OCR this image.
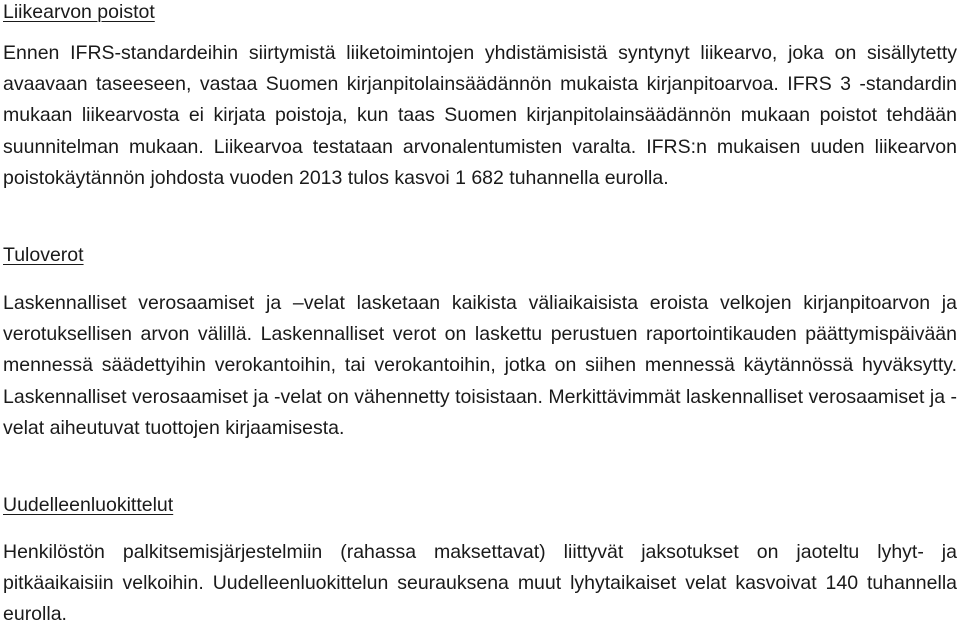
Liikearvon poistot
Ennen IFRS-standardeihin siirtymistä liiketoimintojen yhdistämisistä syntynyt liikearvo, joka on sisällytetty avaavaan taseeseen, vastaa Suomen kirjanpitolainsäädännön mukaista kirjanpitoarvoa. IFRS 3 -standardin mukaan liikearvosta ei kirjata poistoja, kun taas Suomen kirjanpitolainsäädännön mukaan poistot tehdään suunnitelman mukaan. Liikearvoa testataan arvonalentumisten varalta. IFRS:n mukaisen uuden liikearvon poistokäytännön johdosta vuoden 2013 tulos kasvoi 1 682 tuhannella eurolla.
Tuloverot
Laskennalliset verosaamiset ja –velat lasketaan kaikista väliaikaisista eroista velkojen kirjanpitoarvon ja verotuksellisen arvon välillä. Laskennalliset verot on laskettu perustuen raportointikauden päättymispäivään mennessä säädettyihin verokantoihin, tai verokantoihin, jotka on siihen mennessä käytännössä hyväksytty. Laskennalliset verosaamiset ja -velat on vähennetty toisistaan. Merkittävimmät laskennalliset verosaamiset ja -velat aiheutuvat tuottojen kirjaamisesta.
Uudelleenluokittelut
Henkilöstön palkitsemisjärjestelmiin (rahassa maksettavat) liittyvät jaksotukset on jaoteltu lyhyt- ja pitkäaikaisiin velkoihin. Uudelleenluokittelun seurauksena muut lyhytaikaiset velat kasvoivat 140 tuhannella eurolla.
